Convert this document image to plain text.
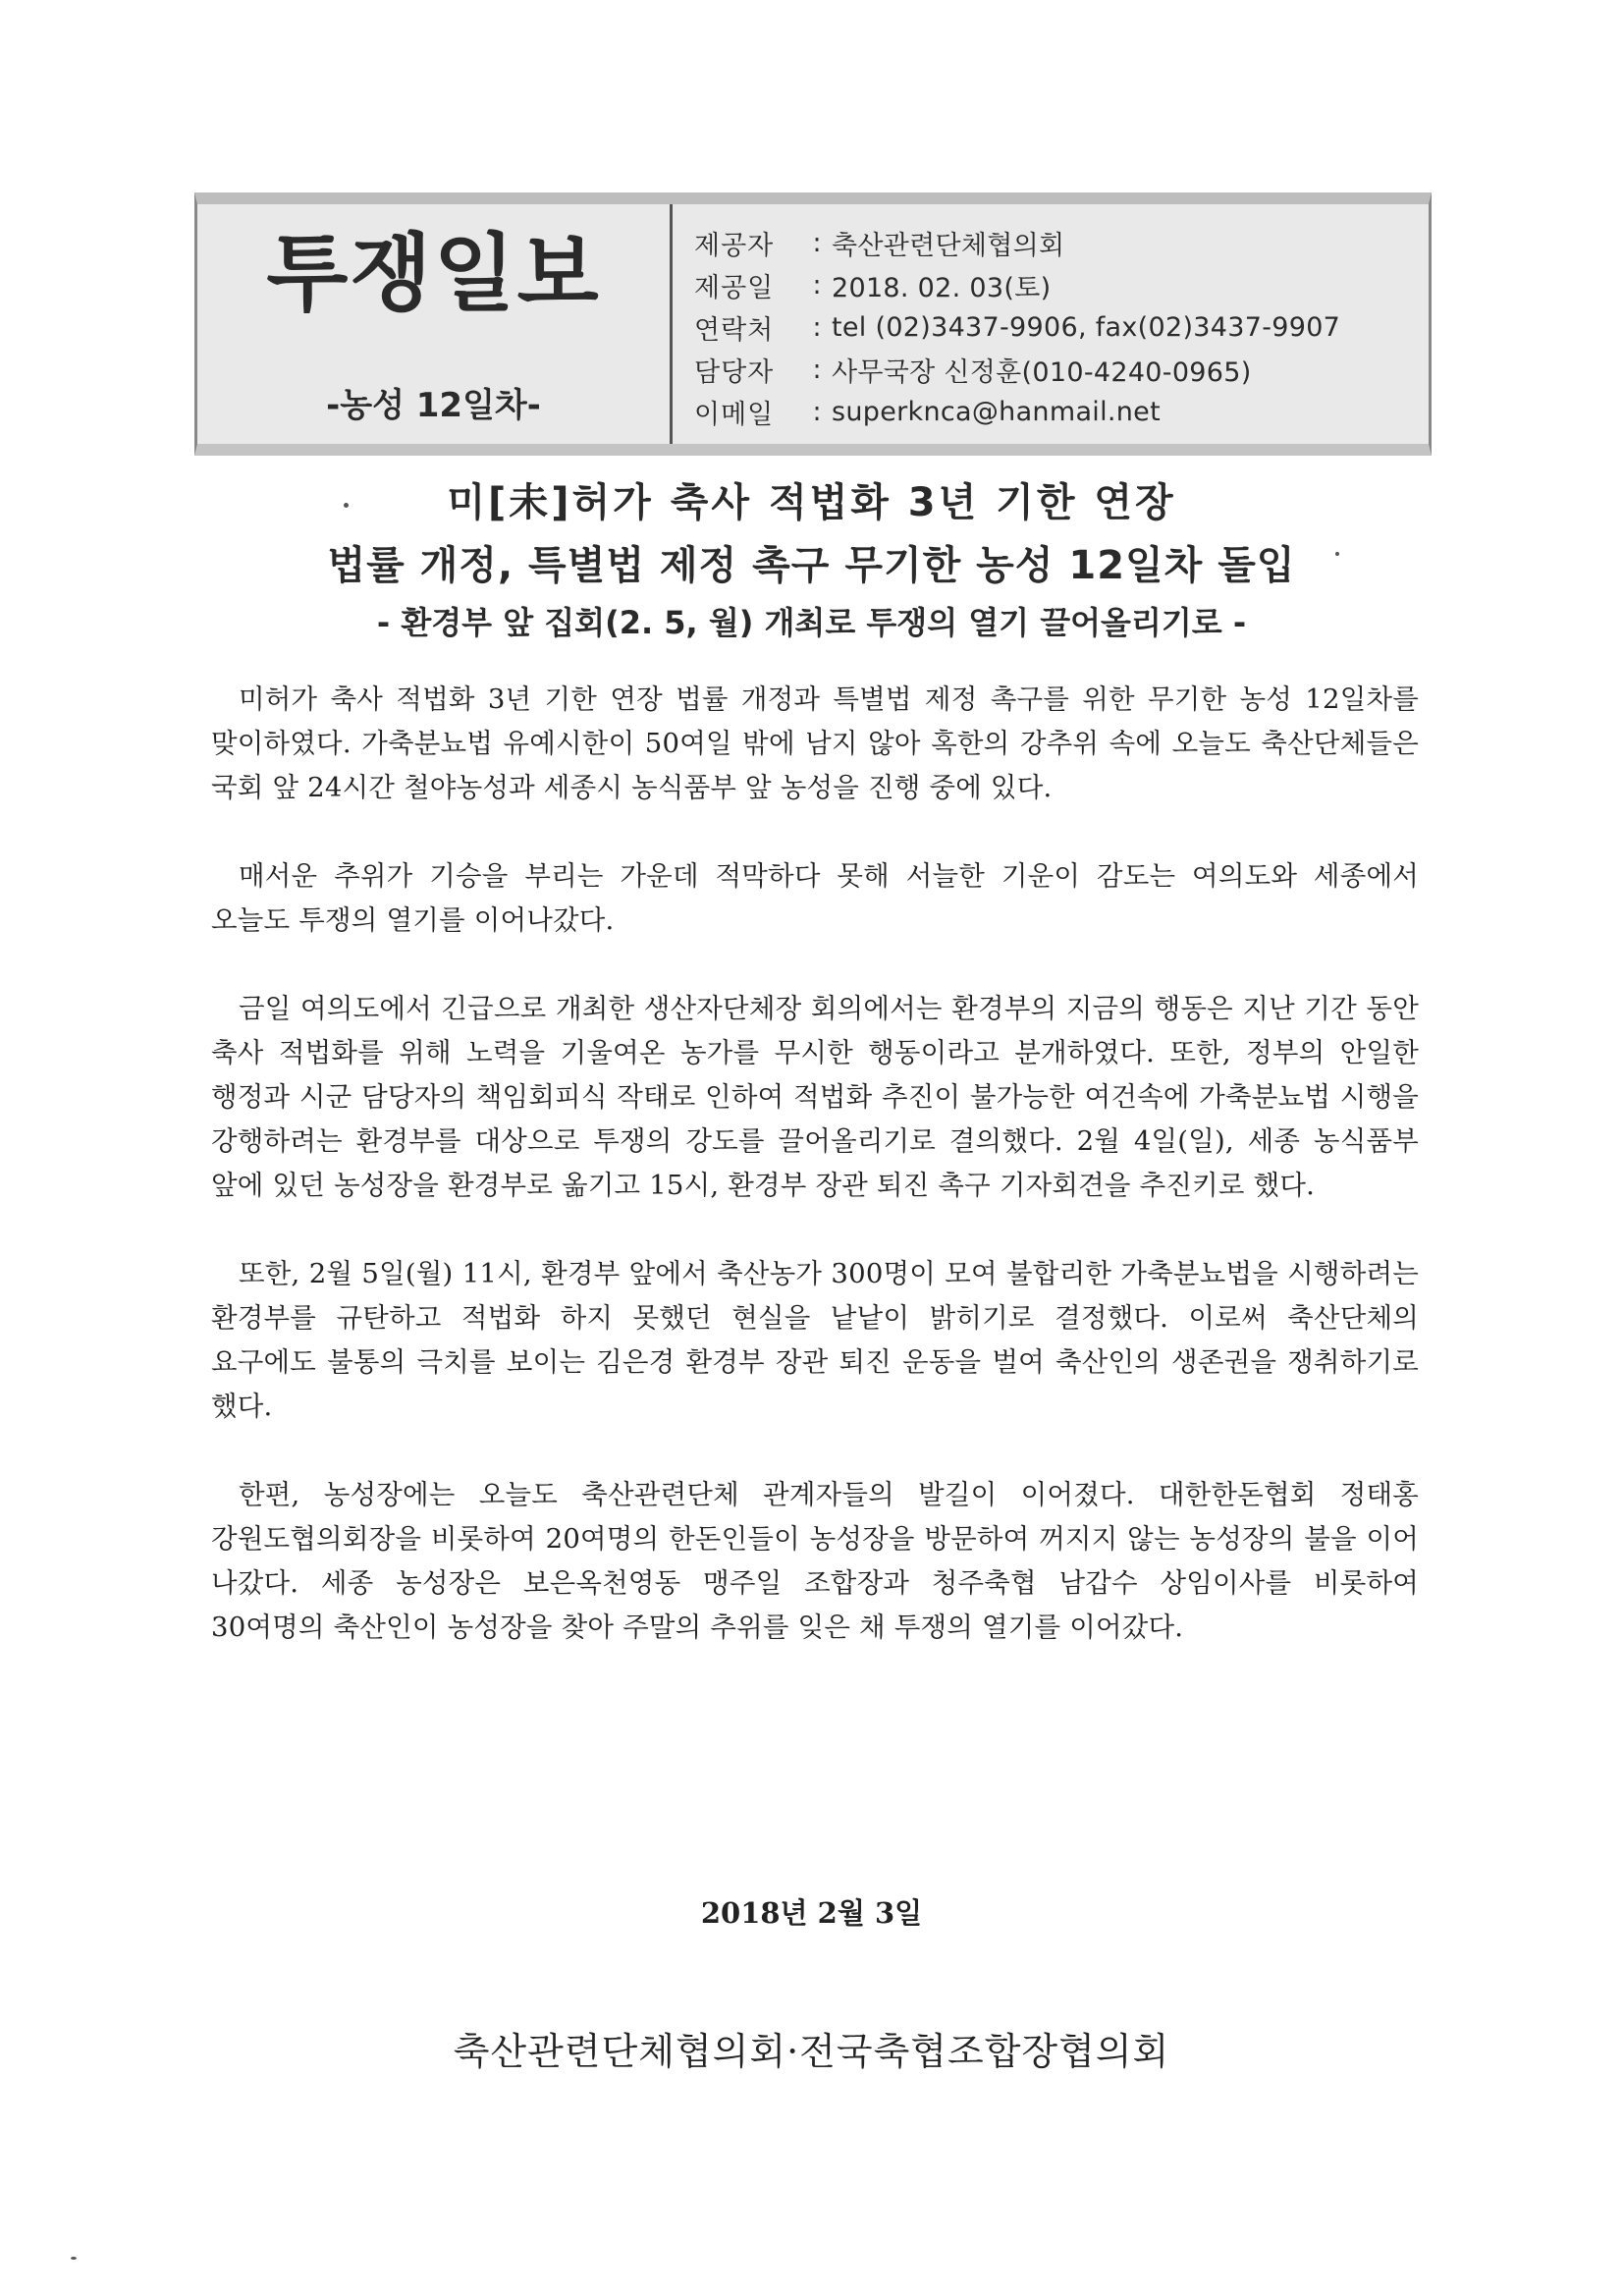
투쟁일보
-농성 12일차-
제공자	: 축산관련단체협의회
제공일	: 2018. 02. 03(토)
연락처	: tel (02)3437-9906, fax(02)3437-9907
담당자	: 사무국장 신정훈(010-4240-0965)
이메일	: superknca@hanmail.net
미[未]허가 축사 적법화 3년 기한 연장
법률 개정, 특별법 제정 촉구 무기한 농성 12일차 돌입
- 환경부 앞 집회(2. 5, 월) 개최로 투쟁의 열기 끌어올리기로 -

미허가 축사 적법화 3년 기한 연장 법률 개정과 특별법 제정 촉구를 위한 무기한 농성 12일차를 맞이하였다. 가축분뇨법 유예시한이 50여일 밖에 남지 않아 혹한의 강추위 속에 오늘도 축산단체들은 국회 앞 24시간 철야농성과 세종시 농식품부 앞 농성을 진행 중에 있다.

매서운 추위가 기승을 부리는 가운데 적막하다 못해 서늘한 기운이 감도는 여의도와 세종에서 오늘도 투쟁의 열기를 이어나갔다.

금일 여의도에서 긴급으로 개최한 생산자단체장 회의에서는 환경부의 지금의 행동은 지난 기간 동안 축사 적법화를 위해 노력을 기울여온 농가를 무시한 행동이라고 분개하였다. 또한, 정부의 안일한 행정과 시군 담당자의 책임회피식 작태로 인하여 적법화 추진이 불가능한 여건속에 가축분뇨법 시행을 강행하려는 환경부를 대상으로 투쟁의 강도를 끌어올리기로 결의했다. 2월 4일(일), 세종 농식품부 앞에 있던 농성장을 환경부로 옮기고 15시, 환경부 장관 퇴진 촉구 기자회견을 추진키로 했다.

또한, 2월 5일(월) 11시, 환경부 앞에서 축산농가 300명이 모여 불합리한 가축분뇨법을 시행하려는 환경부를 규탄하고 적법화 하지 못했던 현실을 낱낱이 밝히기로 결정했다. 이로써 축산단체의 요구에도 불통의 극치를 보이는 김은경 환경부 장관 퇴진 운동을 벌여 축산인의 생존권을 쟁취하기로 했다.

한편, 농성장에는 오늘도 축산관련단체 관계자들의 발길이 이어졌다. 대한한돈협회 정태홍 강원도협의회장을 비롯하여 20여명의 한돈인들이 농성장을 방문하여 꺼지지 않는 농성장의 불을 이어 나갔다. 세종 농성장은 보은옥천영동 맹주일 조합장과 청주축협 남갑수 상임이사를 비롯하여 30여명의 축산인이 농성장을 찾아 주말의 추위를 잊은 채 투쟁의 열기를 이어갔다.

2018년 2월 3일
축산관련단체협의회·전국축협조합장협의회
